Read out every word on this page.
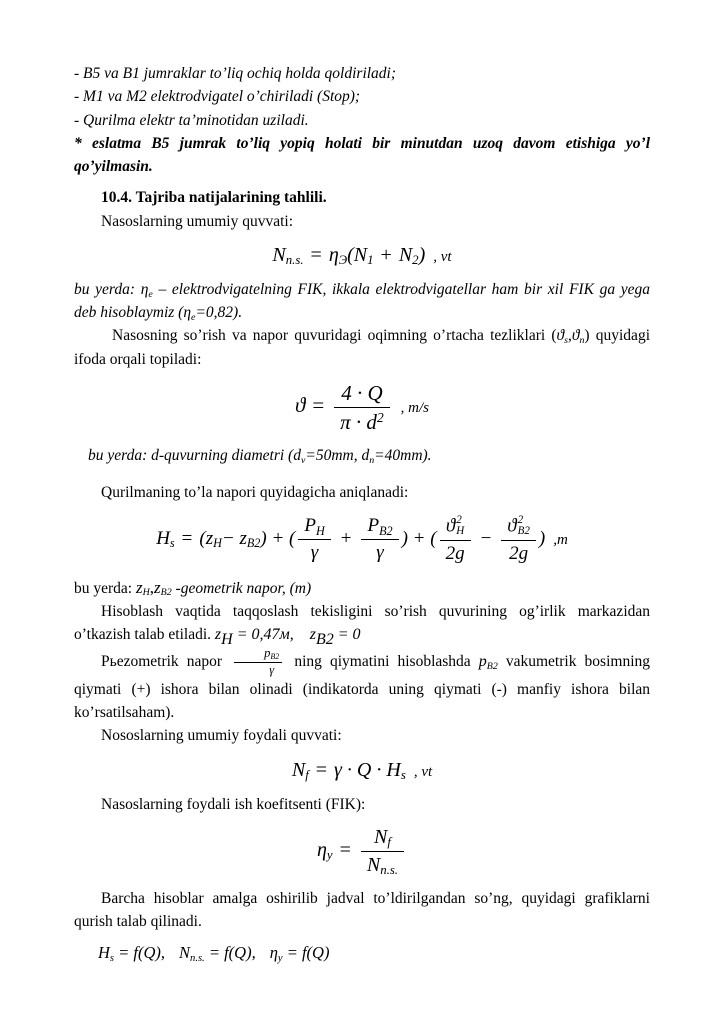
- B5 va B1 jumraklar to’liq ochiq holda qoldiriladi;

- M1 va M2 elektrodvigatel o’chiriladi (Stop);

- Qurilma elektr ta’minotidan uziladi.

* eslatma B5 jumrak to’liq yopiq holati bir minutdan uzoq davom etishiga yo’l qo’yilmasin.

10.4. Tajriba natijalarining tahlili.

Nasoslarning umumiy quvvati:

$N_{n.s.} = \eta_Э(N_1 + N_2)$ , vt

bu yerda: $\eta_e$ – elektrodvigatelning FIK, ikkala elektrodvigatellar ham bir xil FIK ga yega deb hisoblaymiz $(\eta_e=0,82)$.

Nasosning so’rish va napor quvuridagi oqimning o’rtacha tezliklari $(ϑ_s,ϑ_n)$ quyidagi ifoda orqali topiladi:

$ϑ = \frac{4 \cdot Q}{\pi \cdot d^2}$ , m/s

bu yerda: d-quvurning diametri ($d_v=50mm$, $d_n=40mm$).

Qurilmaning to’la napori quyidagicha aniqlanadi:

$H_s = (z_H- z_{B2})$ + ( $\frac{P_H}{\gamma} + \frac{P_{B2}}{\gamma}$ ) + ( ϑ 2
H
2g − ϑ 2
B2
2g ) ,m

bu yerda: $z_H,z_{B2}$ -geometrik napor, (m)

Hisoblash vaqtida taqqoslash tekisligini so’rish quvurining og’irlik markazidan o’tkazish talab etiladi. $z_H = 0,47м$, $z_{B2} = 0$

Pьezometrik napor $\frac{p_{B2}}{\gamma}$ ning qiymatini hisoblashda $p_{B2}$ vakumetrik bosimning qiymati (+) ishora bilan olinadi (indikatorda uning qiymati (-) manfiy ishora bilan ko’rsatilsaham).

Nososlarning umumiy foydali quvvati:

$N_f = \gamma \cdot Q \cdot H_s$ , vt

Nasoslarning foydali ish koefitsenti (FIK):

$\eta_y = \frac{N_f}{N_{n.s.}}$

Barcha hisoblar amalga oshirilib jadval to’ldirilgandan so’ng, quyidagi grafiklarni qurish talab qilinadi.

$H_s = f(Q)$, $N_{n.s.} = f(Q)$, $\eta_y = f(Q)$
